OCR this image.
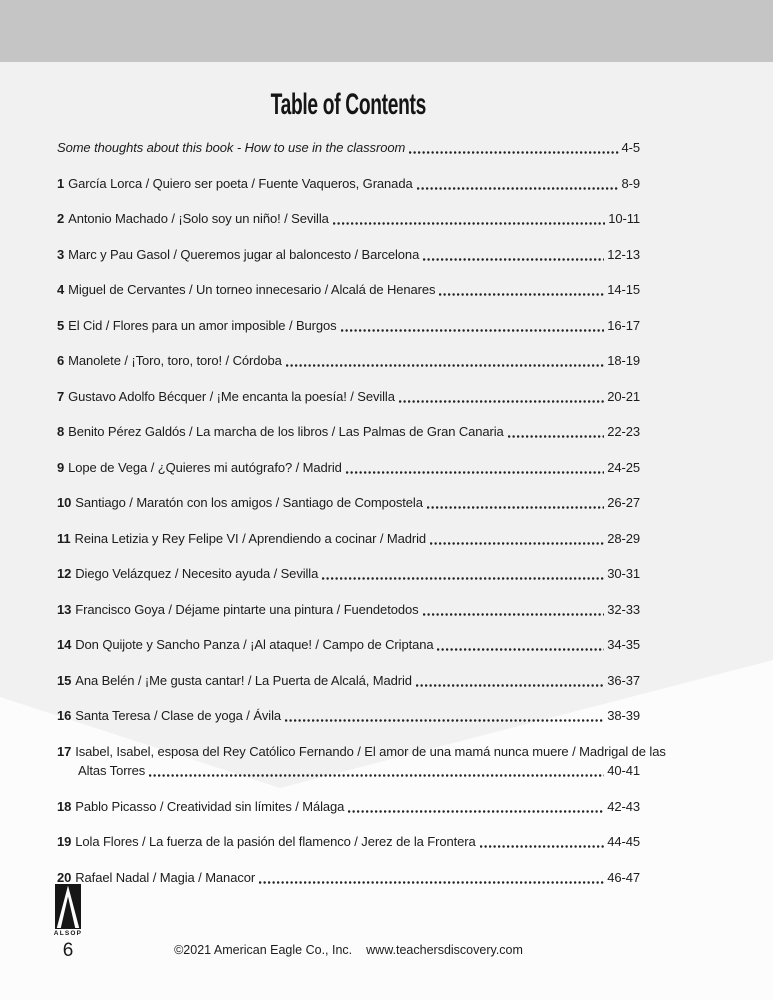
Table of Contents
Some thoughts about this book - How to use in the classroom	4-5
1 García Lorca / Quiero ser poeta / Fuente Vaqueros, Granada	8-9
2 Antonio Machado / ¡Solo soy un niño! / Sevilla	10-11
3 Marc y Pau Gasol / Queremos jugar al baloncesto / Barcelona	12-13
4 Miguel de Cervantes / Un torneo innecesario / Alcalá de Henares	14-15
5 El Cid / Flores para un amor imposible / Burgos	16-17
6 Manolete / ¡Toro, toro, toro! / Córdoba	18-19
7 Gustavo Adolfo Bécquer / ¡Me encanta la poesía! / Sevilla	20-21
8 Benito Pérez Galdós / La marcha de los libros / Las Palmas de Gran Canaria	22-23
9 Lope de Vega / ¿Quieres mi autógrafo? / Madrid	24-25
10 Santiago / Maratón con los amigos / Santiago de Compostela	26-27
11 Reina Letizia y Rey Felipe VI / Aprendiendo a cocinar / Madrid	28-29
12 Diego Velázquez / Necesito ayuda / Sevilla	30-31
13 Francisco Goya / Déjame pintarte una pintura / Fuendetodos	32-33
14 Don Quijote y Sancho Panza / ¡Al ataque! / Campo de Criptana	34-35
15 Ana Belén / ¡Me gusta cantar! / La Puerta de Alcalá, Madrid	36-37
16 Santa Teresa / Clase de yoga / Ávila	38-39
17 Isabel, Isabel, esposa del Rey Católico Fernando / El amor de una mamá nunca muere / Madrigal de las
Altas Torres	40-41
18 Pablo Picasso / Creatividad sin límites / Málaga	42-43
19 Lola Flores / La fuerza de la pasión del flamenco / Jerez de la Frontera	44-45
20 Rafael Nadal / Magia / Manacor	46-47
ALSOP
6	©2021 American Eagle Co., Inc. www.teachersdiscovery.com
